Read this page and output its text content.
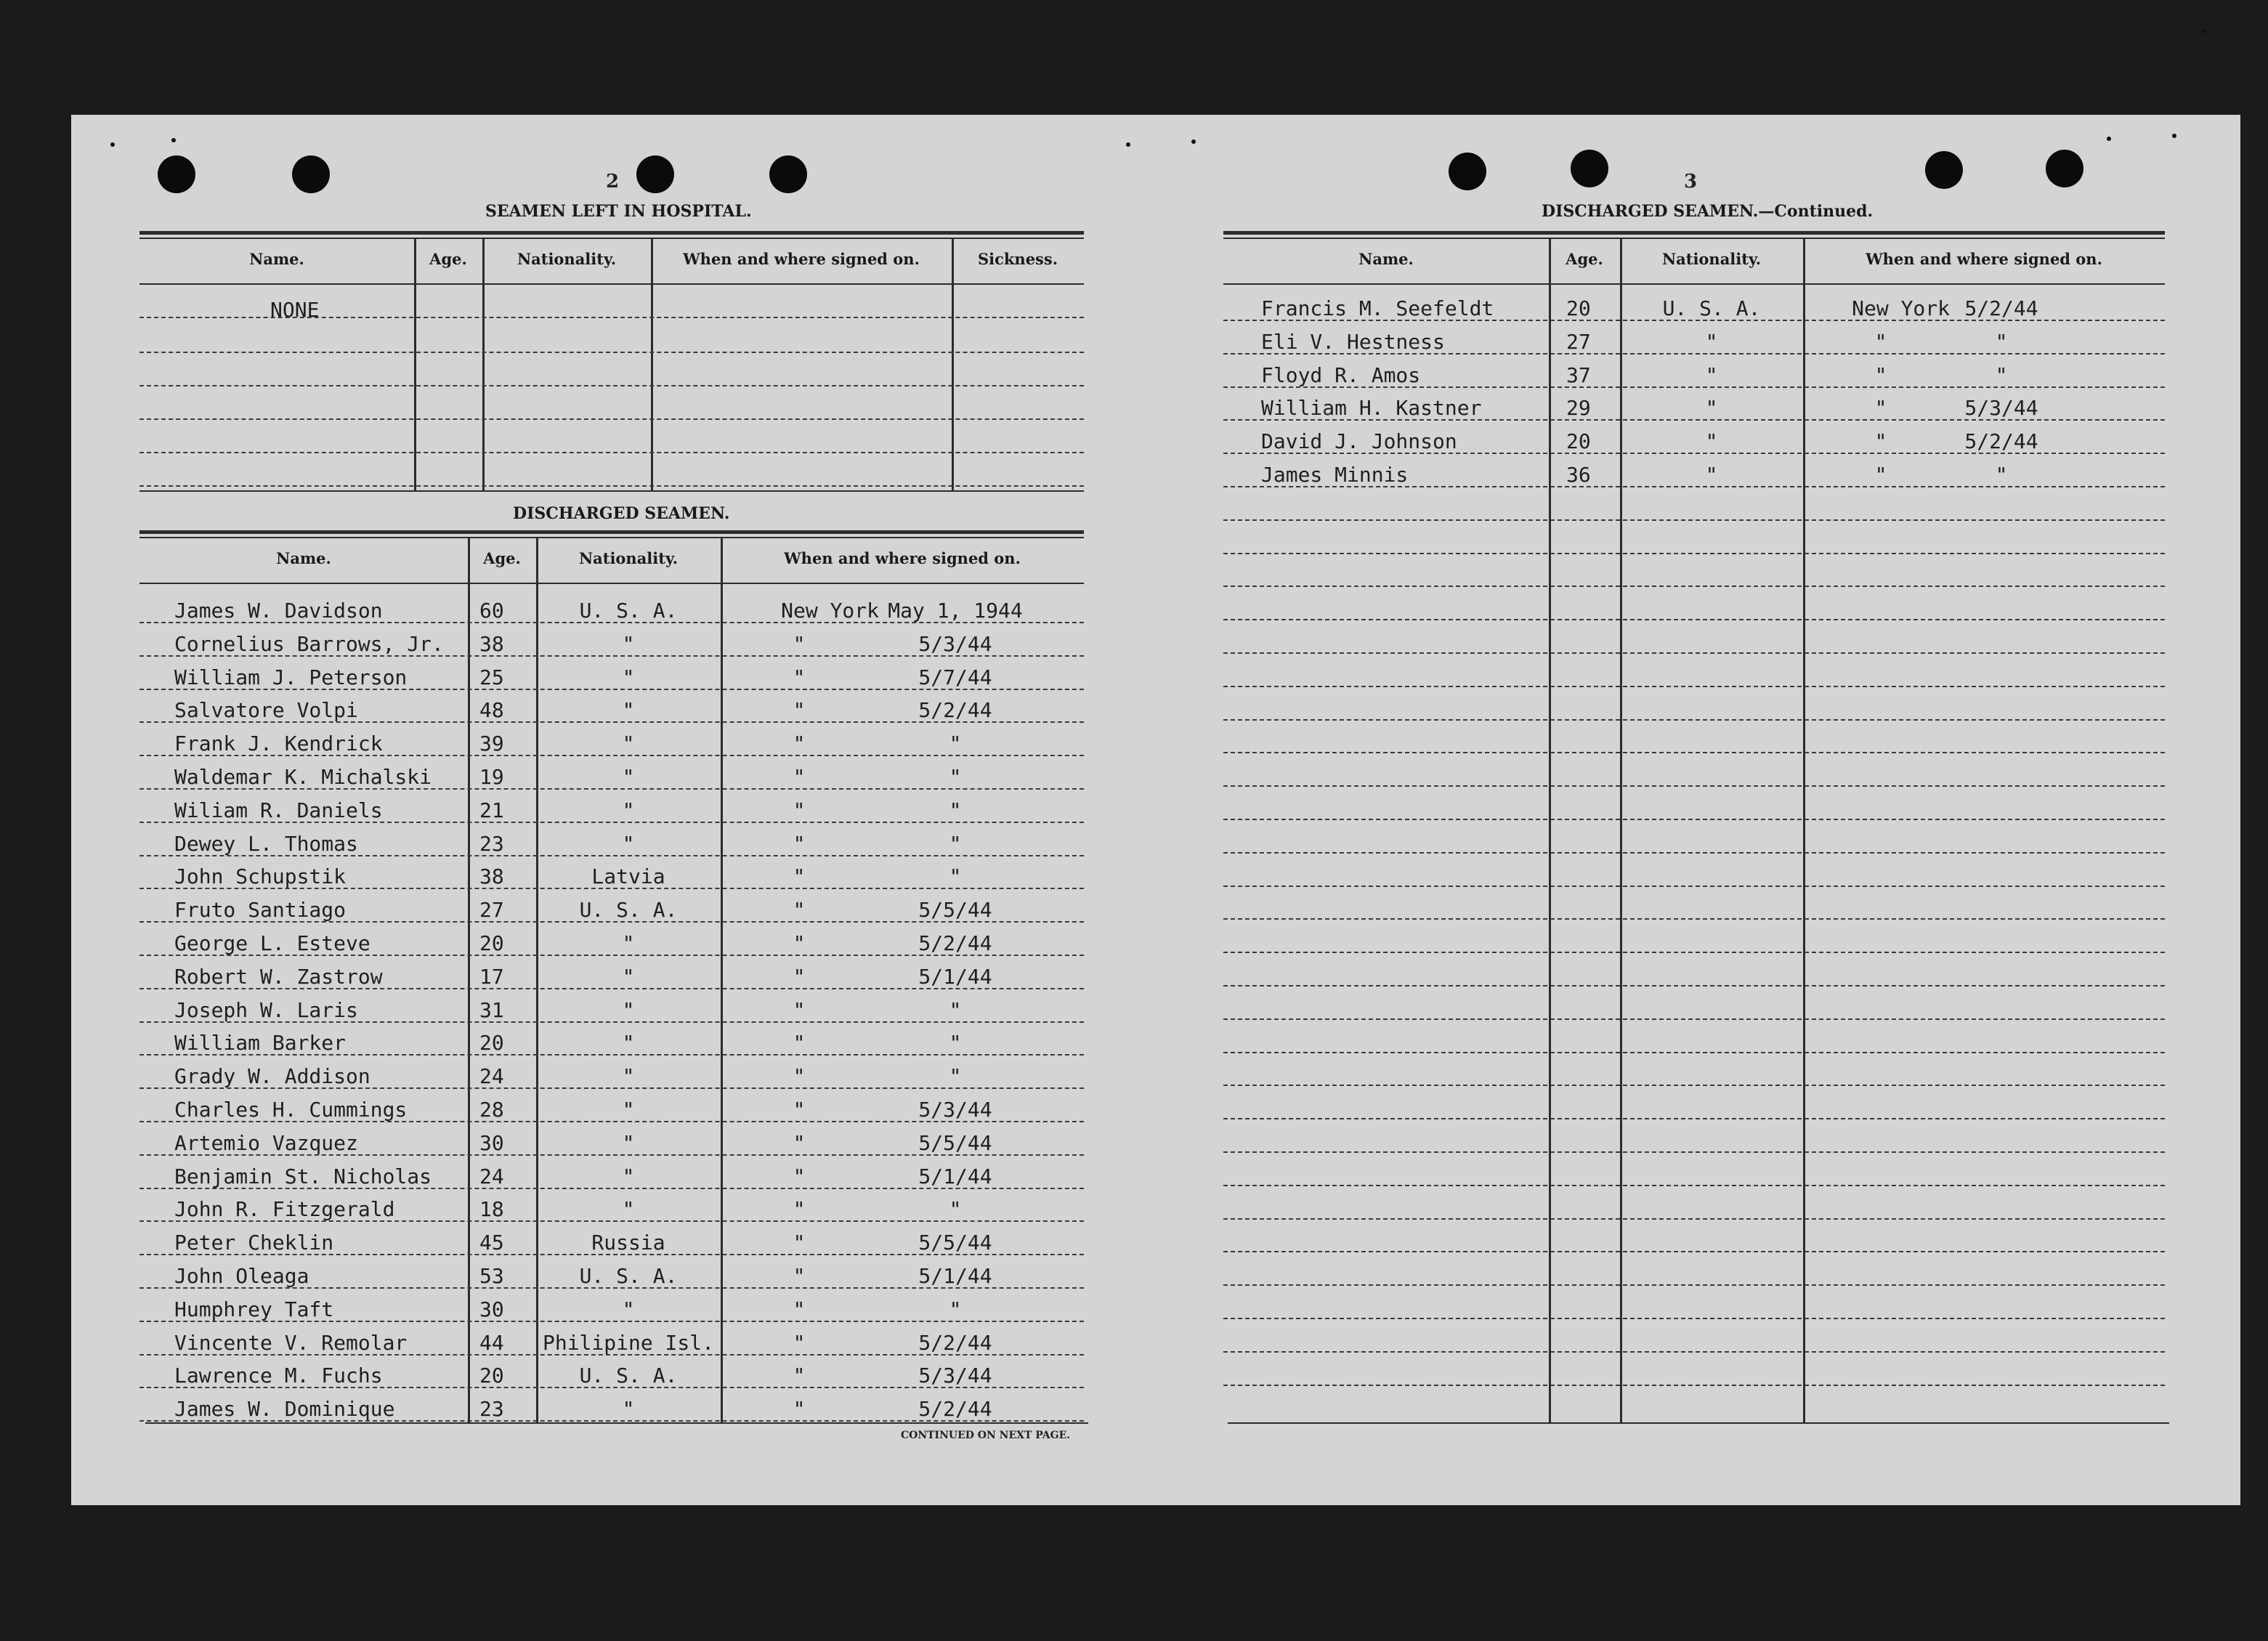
2
SEAMEN LEFT IN HOSPITAL.
Name.	Age.	Nationality.	When and where signed on.	Sickness.
NONE
DISCHARGED SEAMEN.
Name.	Age.	Nationality.	When and where signed on.
James W. Davidson	60	U. S. A.	New York May 1, 1944
Cornelius Barrows, Jr. 38	"	"	5/3/44
William J. Peterson	25	"	"	5/7/44
Salvatore Volpi	48	"	"	5/2/44
Frank J. Kendrick	39	"	"	"
Waldemar K. Michalski 19	"	"	"
Wiliam R. Daniels	21	"	"	"
Dewey L. Thomas	23	"	"	"
John Schupstik	38	Latvia	"	"
Fruto Santiago	27	U. S. A.	"	5/5/44
George L. Esteve	20	"	"	5/2/44
Robert W. Zastrow	17	"	"	5/1/44
Joseph W. Laris	31	"	"	"
William Barker	20	"	"	"
Grady W. Addison	24	"	"	"
Charles H. Cummings	28	"	"	5/3/44
Artemio Vazquez	30	"	"	5/5/44
Benjamin St. Nicholas 24	"	"	5/1/44
John R. Fitzgerald	18	"	"	"
Peter Cheklin	45	Russia	"	5/5/44
John Oleaga	53	U. S. A.	"	5/1/44
Humphrey Taft	30	"	"	"
Vincente V. Remolar	44	Philipine Isl.	"	5/2/44
Lawrence M. Fuchs	20	U. S. A.	"	5/3/44
James W. Dominique	23	"	"	5/2/44
CONTINUED ON NEXT PAGE.
3
DISCHARGED SEAMEN.—Continued.
Name.	Age.	Nationality.	When and where signed on.
Francis M. Seefeldt	20	U. S. A.	New York 5/2/44
Eli V. Hestness	27	"	"	"
Floyd R. Amos	37	"	"	"
William H. Kastner	29	"	"	5/3/44
David J. Johnson	20	"	"	5/2/44
James Minnis	36	"	"	"
